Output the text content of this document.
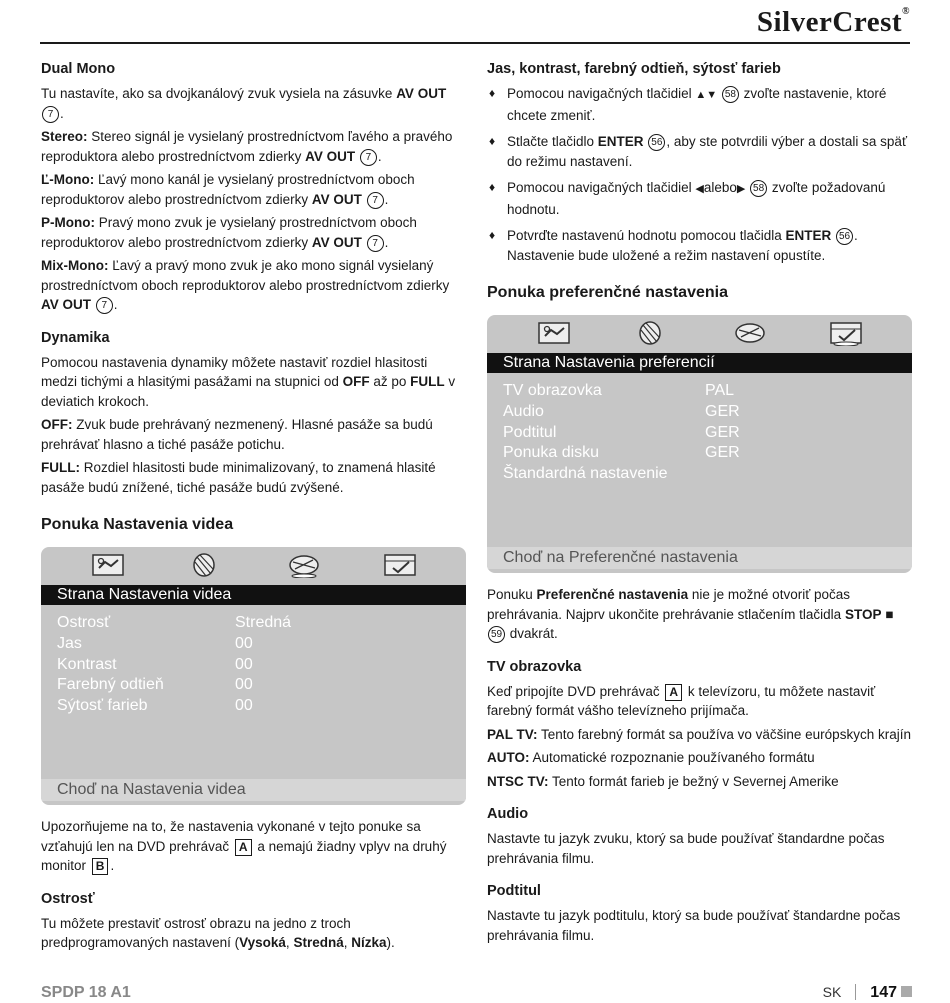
SilverCrest®
Dual Mono

Tu nastavíte, ako sa dvojkanálový zvuk vysiela na zásuvke AV OUT 7 .

Stereo: Stereo signál je vysielaný prostredníctvom ľavého a pravého reproduktora alebo prostredníctvom zdierky AV OUT 7 .

Ľ-Mono: Ľavý mono kanál je vysielaný prostredníctvom oboch reproduktorov alebo prostredníctvom zdierky AV OUT 7 .

P-Mono: Pravý mono zvuk je vysielaný prostredníctvom oboch reproduktorov alebo prostredníctvom zdierky AV OUT 7 .

Mix-Mono: Ľavý a pravý mono zvuk je ako mono signál vysielaný prostredníctvom oboch reproduktorov alebo prostredníctvom zdierky AV OUT 7 .

Dynamika

Pomocou nastavenia dynamiky môžete nastaviť rozdiel hlasitosti medzi tichými a hlasitými pasážami na stupnici od OFF až po FULL v deviatich krokoch.

OFF: Zvuk bude prehrávaný nezmenený. Hlasné pasáže sa budú prehrávať hlasno a tiché pasáže potichu.

FULL: Rozdiel hlasitosti bude minimalizovaný, to znamená hlasité pasáže budú znížené, tiché pasáže budú zvýšené.

Ponuka Nastavenia videa
Strana Nastavenia videa
Ostrosť	Stredná
Jas	00
Kontrast	00
Farebný odtieň	00
Sýtosť farieb	00
Choď na Nastavenia videa

Upozorňujeme na to, že nastavenia vykonané v tejto ponuke sa vzťahujú len na DVD prehrávač A a nemajú žiadny vplyv na druhý monitor B .

Ostrosť

Tu môžete prestaviť ostrosť obrazu na jedno z troch predprogramovaných nastavení (Vysoká, Stredná, Nízka).

Jas, kontrast, farebný odtieň, sýtosť farieb
♦ Pomocou navigačných tlačidiel ▲▼ 58 zvoľte nastavenie, ktoré chcete zmeniť.
♦ Stlačte tlačidlo ENTER 56 , aby ste potvrdili výber a dostali sa späť do režimu nastavení.
♦ Pomocou navigačných tlačidiel ◀alebo▶ 58 zvoľte požadovanú hodnotu.
♦ Potvrďte nastavenú hodnotu pomocou tlačidla ENTER 56 . Nastavenie bude uložené a režim nastavení opustíte.
Ponuka preferenčné nastavenia
Strana Nastavenia preferencií
TV obrazovka	PAL
Audio	GER
Podtitul	GER
Ponuka disku	GER
Štandardná nastavenie
Choď na Preferenčné nastavenia

Ponuku Preferenčné nastavenia nie je možné otvoriť počas prehrávania. Najprv ukončite prehrávanie stlačením tlačidla STOP ■ 59 dvakrát.

TV obrazovka

Keď pripojíte DVD prehrávač A k televízoru, tu môžete nastaviť farebný formát vášho televízneho prijímača.

PAL TV: Tento farebný formát sa používa vo väčšine európskych krajín

AUTO: Automatické rozpoznanie používaného formátu

NTSC TV: Tento formát farieb je bežný v Severnej Amerike

Audio

Nastavte tu jazyk zvuku, ktorý sa bude používať štandardne počas prehrávania filmu.

Podtitul

Nastavte tu jazyk podtitulu, ktorý sa bude používať štandardne počas prehrávania filmu.

SPDP 18 A1	SK 147
